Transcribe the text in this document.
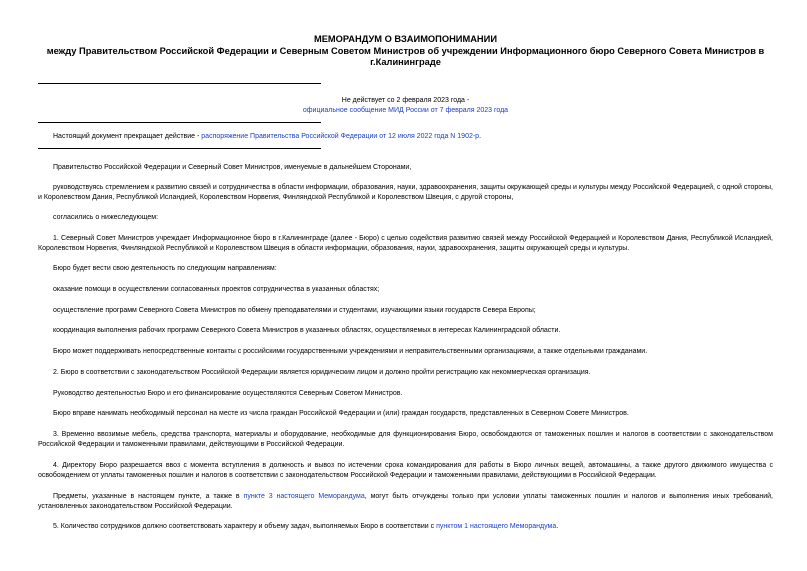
МЕМОРАНДУМ О ВЗАИМОПОНИМАНИИ
между Правительством Российской Федерации и Северным Советом Министров об учреждении Информационного бюро Северного Совета Министров в г.Калининграде
Не действует со 2 февраля 2023 года -
официальное сообщение МИД России от 7 февраля 2023 года
Настоящий документ прекращает действие - распоряжение Правительства Российской Федерации от 12 июля 2022 года N 1902-р.
Правительство Российской Федерации и Северный Совет Министров, именуемые в дальнейшем Сторонами,
руководствуясь стремлением к развитию связей и сотрудничества в области информации, образования, науки, здравоохранения, защиты окружающей среды и культуры между Российской Федерацией, с одной стороны, и Королевством Дания, Республикой Исландией, Королевством Норвегия, Финляндской Республикой и Королевством Швеция, с другой стороны,
согласились о нижеследующем:
1. Северный Совет Министров учреждает Информационное бюро в г.Калининграде (далее - Бюро) с целью содействия развитию связей между Российской Федерацией и Королевством Дания, Республикой Исландией, Королевством Норвегия, Финляндской Республикой и Королевством Швеция в области информации, образования, науки, здравоохранения, защиты окружающей среды и культуры.
Бюро будет вести свою деятельность по следующим направлениям:
оказание помощи в осуществлении согласованных проектов сотрудничества в указанных областях;
осуществление программ Северного Совета Министров по обмену преподавателями и студентами, изучающими языки государств Севера Европы;
координация выполнения рабочих программ Северного Совета Министров в указанных областях, осуществляемых в интересах Калининградской области.
Бюро может поддерживать непосредственные контакты с российскими государственными учреждениями и неправительственными организациями, а также отдельными гражданами.
2. Бюро в соответствии с законодательством Российской Федерации является юридическим лицом и должно пройти регистрацию как некоммерческая организация.
Руководство деятельностью Бюро и его финансирование осуществляются Северным Советом Министров.
Бюро вправе нанимать необходимый персонал на месте из числа граждан Российской Федерации и (или) граждан государств, представленных в Северном Совете Министров.
3. Временно ввозимые мебель, средства транспорта, материалы и оборудование, необходимые для функционирования Бюро, освобождаются от таможенных пошлин и налогов в соответствии с законодательством Российской Федерации и таможенными правилами, действующими в Российской Федерации.
4. Директору Бюро разрешается ввоз с момента вступления в должность и вывоз по истечении срока командирования для работы в Бюро личных вещей, автомашины, а также другого движимого имущества с освобождением от уплаты таможенных пошлин и налогов в соответствии с законодательством Российской Федерации и таможенными правилами, действующими в Российской Федерации.
Предметы, указанные в настоящем пункте, а также в пункте 3 настоящего Меморандума, могут быть отчуждены только при условии уплаты таможенных пошлин и налогов и выполнения иных требований, установленных законодательством Российской Федерации.
5. Количество сотрудников должно соответствовать характеру и объему задач, выполняемых Бюро в соответствии с пунктом 1 настоящего Меморандума.
